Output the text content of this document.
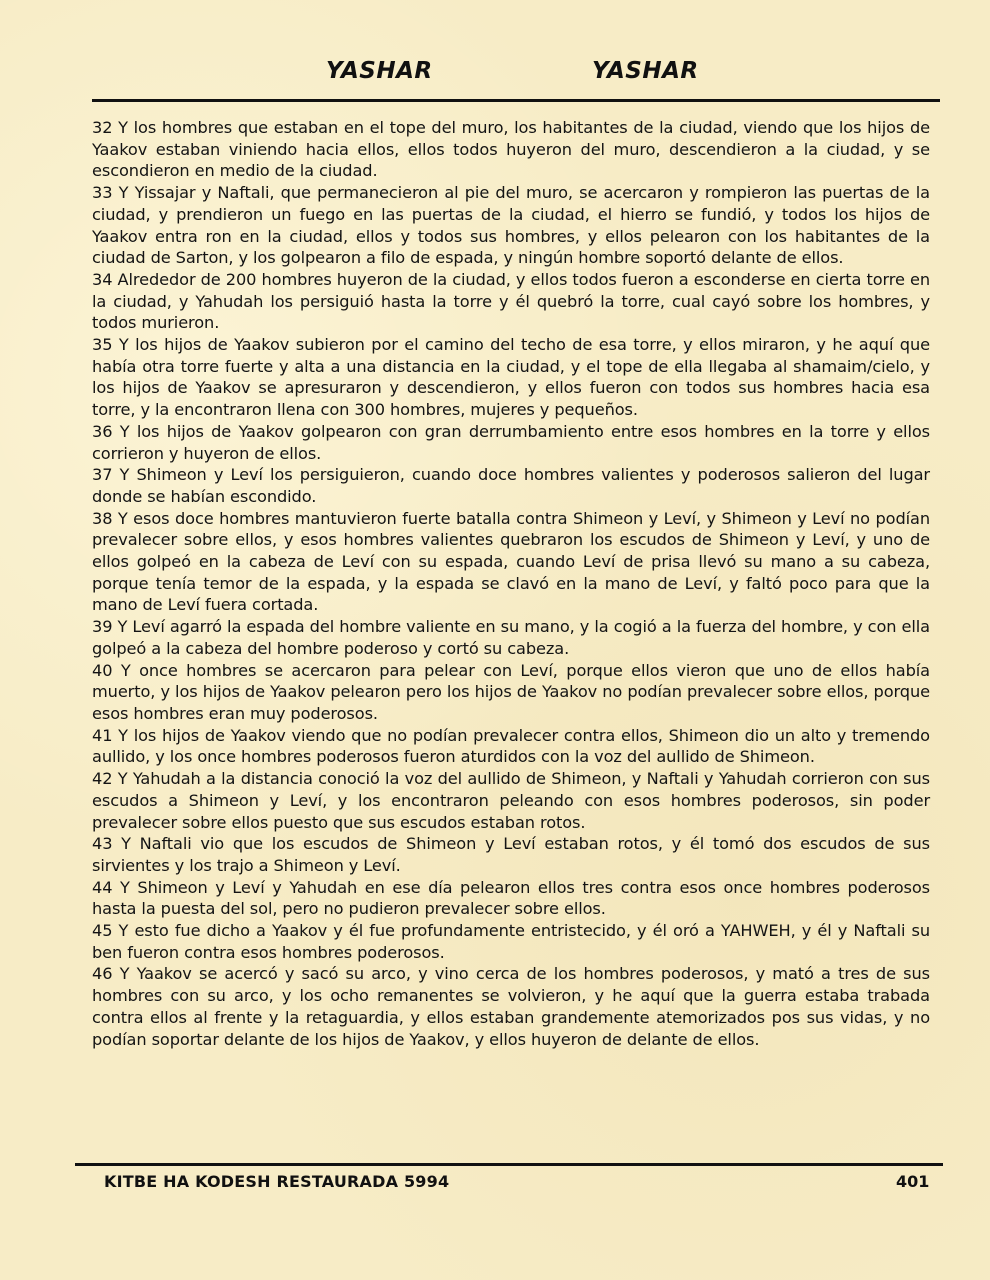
YASHAR	YASHAR

32 Y los hombres que estaban en el tope del muro, los habitantes de la ciudad, viendo que los hijos de Yaakov estaban viniendo hacia ellos, ellos todos huyeron del muro, descendieron a la ciudad, y se escondieron en medio de la ciudad.

33 Y Yissajar y Naftali, que permanecieron al pie del muro, se acercaron y rompieron las puertas de la ciudad, y prendieron un fuego en las puertas de la ciudad, el hierro se fundió, y todos los hijos de Yaakov entra ron en la ciudad, ellos y todos sus hombres, y ellos pelearon con los habitantes de la ciudad de Sarton, y los golpearon a filo de espada, y ningún hombre soportó delante de ellos.

34 Alrededor de 200 hombres huyeron de la ciudad, y ellos todos fueron a esconderse en cierta torre en la ciudad, y Yahudah los persiguió hasta la torre y él quebró la torre, cual cayó sobre los hombres, y todos murieron.

35 Y los hijos de Yaakov subieron por el camino del techo de esa torre, y ellos miraron, y he aquí que había otra torre fuerte y alta a una distancia en la ciudad, y el tope de ella llegaba al shamaim/cielo, y los hijos de Yaakov se apresuraron y descendieron, y ellos fueron con todos sus hombres hacia esa torre, y la encontraron llena con 300 hombres, mujeres y pequeños.

36 Y los hijos de Yaakov golpearon con gran derrumbamiento entre esos hombres en la torre y ellos corrieron y huyeron de ellos.

37 Y Shimeon y Leví los persiguieron, cuando doce hombres valientes y poderosos salieron del lugar donde se habían escondido.

38 Y esos doce hombres mantuvieron fuerte batalla contra Shimeon y Leví, y Shimeon y Leví no podían prevalecer sobre ellos, y esos hombres valientes quebraron los escudos de Shimeon y Leví, y uno de ellos golpeó en la cabeza de Leví con su espada, cuando Leví de prisa llevó su mano a su cabeza, porque tenía temor de la espada, y la espada se clavó en la mano de Leví, y faltó poco para que la mano de Leví fuera cortada.

39 Y Leví agarró la espada del hombre valiente en su mano, y la cogió a la fuerza del hombre, y con ella golpeó a la cabeza del hombre poderoso y cortó su cabeza.

40 Y once hombres se acercaron para pelear con Leví, porque ellos vieron que uno de ellos había muerto, y los hijos de Yaakov pelearon pero los hijos de Yaakov no podían prevalecer sobre ellos, porque esos hombres eran muy poderosos.

41 Y los hijos de Yaakov viendo que no podían prevalecer contra ellos, Shimeon dio un alto y tremendo aullido, y los once hombres poderosos fueron aturdidos con la voz del aullido de Shimeon.

42 Y Yahudah a la distancia conoció la voz del aullido de Shimeon, y Naftali y Yahudah corrieron con sus escudos a Shimeon y Leví, y los encontraron peleando con esos hombres poderosos, sin poder prevalecer sobre ellos puesto que sus escudos estaban rotos.

43 Y Naftali vio que los escudos de Shimeon y Leví estaban rotos, y él tomó dos escudos de sus sirvientes y los trajo a Shimeon y Leví.

44 Y Shimeon y Leví y Yahudah en ese día pelearon ellos tres contra esos once hombres poderosos hasta la puesta del sol, pero no pudieron prevalecer sobre ellos.

45 Y esto fue dicho a Yaakov y él fue profundamente entristecido, y él oró a YAHWEH, y él y Naftali su ben fueron contra esos hombres poderosos.

46 Y Yaakov se acercó y sacó su arco, y vino cerca de los hombres poderosos, y mató a tres de sus hombres con su arco, y los ocho remanentes se volvieron, y he aquí que la guerra estaba trabada contra ellos al frente y la retaguardia, y ellos estaban grandemente atemorizados pos sus vidas, y no podían soportar delante de los hijos de Yaakov, y ellos huyeron de delante de ellos.

KITBE HA KODESH RESTAURADA 5994	401
